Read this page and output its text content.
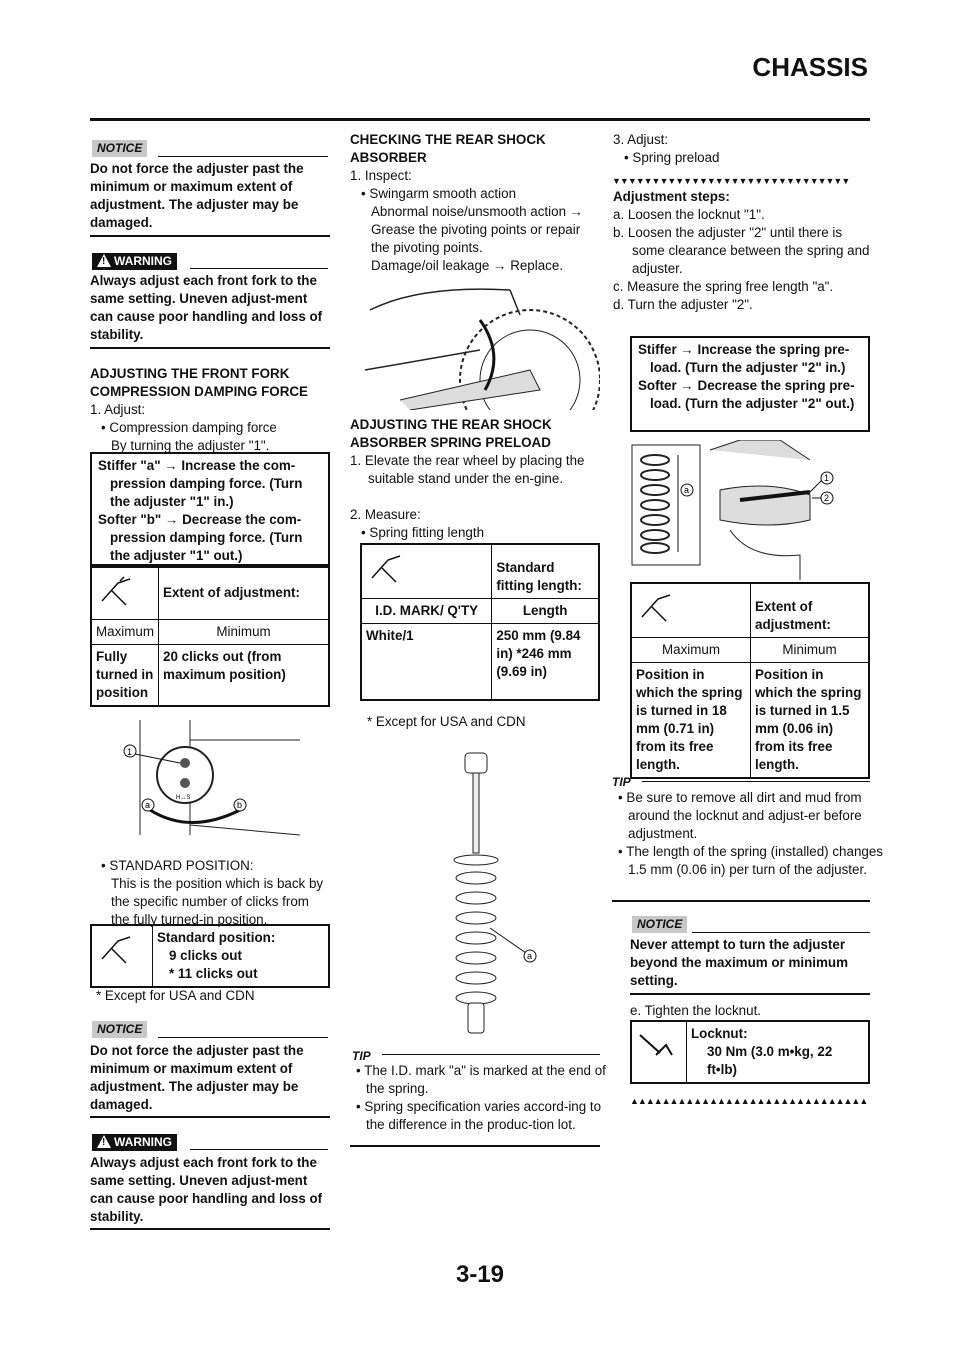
CHASSIS
NOTICE
Do not force the adjuster past the minimum or maximum extent of adjustment. The adjuster may be damaged.
! WARNING
Always adjust each front fork to the same setting. Uneven adjust-ment can cause poor handling and loss of stability.
ADJUSTING THE FRONT FORK COMPRESSION DAMPING FORCE
1. Adjust:
• Compression damping force
By turning the adjuster "1".
Stiffer "a" → Increase the com-pression damping force. (Turn the adjuster "1" in.)
Softer "b" → Decrease the com-pression damping force. (Turn the adjuster "1" out.)
	Extent of adjustment:
Maximum	Minimum
Fully turned in position	20 clicks out (from maximum position)
1
a	b
H↔S
• STANDARD POSITION:
This is the position which is back by the specific number of clicks from the fully turned-in position.

Standard position:
9 clicks out
* 11 clicks out
* Except for USA and CDN
NOTICE
Do not force the adjuster past the minimum or maximum extent of adjustment. The adjuster may be damaged.
! WARNING
Always adjust each front fork to the same setting. Uneven adjust-ment can cause poor handling and loss of stability.
CHECKING THE REAR SHOCK ABSORBER
1. Inspect:
• Swingarm smooth action
Abnormal noise/unsmooth action → Grease the pivoting points or repair the pivoting points.
Damage/oil leakage → Replace.
ADJUSTING THE REAR SHOCK ABSORBER SPRING PRELOAD
1. Elevate the rear wheel by placing the suitable stand under the en-gine.
2. Measure:
• Spring fitting length
	Standard fitting length:
I.D. MARK/ Q'TY	Length
White/1	250 mm (9.84 in) *246 mm (9.69 in)
* Except for USA and CDN
a
TIP
• The I.D. mark "a" is marked at the end of the spring.
• Spring specification varies accord-ing to the difference in the produc-tion lot.
3. Adjust:
• Spring preload
▼▼▼▼▼▼▼▼▼▼▼▼▼▼▼▼▼▼▼▼▼▼▼▼▼▼▼▼▼▼
Adjustment steps:
a. Loosen the locknut "1".
b. Loosen the adjuster "2" until there is some clearance between the spring and adjuster.
c. Measure the spring free length "a".
d. Turn the adjuster "2".
Stiffer → Increase the spring pre-load. (Turn the adjuster "2" in.)
Softer → Decrease the spring pre-load. (Turn the adjuster "2" out.)
a
1
2
	Extent of adjustment:
Maximum	Minimum
Position in which the spring is turned in 18 mm (0.71 in) from its free length.	Position in which the spring is turned in 1.5 mm (0.06 in) from its free length.
TIP
• Be sure to remove all dirt and mud from around the locknut and adjust-er before adjustment.
• The length of the spring (installed) changes 1.5 mm (0.06 in) per turn of the adjuster.
NOTICE
Never attempt to turn the adjuster beyond the maximum or minimum setting.
e. Tighten the locknut.

Locknut:
30 Nm (3.0 m•kg, 22 ft•lb)
▲▲▲▲▲▲▲▲▲▲▲▲▲▲▲▲▲▲▲▲▲▲▲▲▲▲▲▲▲▲
3-19
